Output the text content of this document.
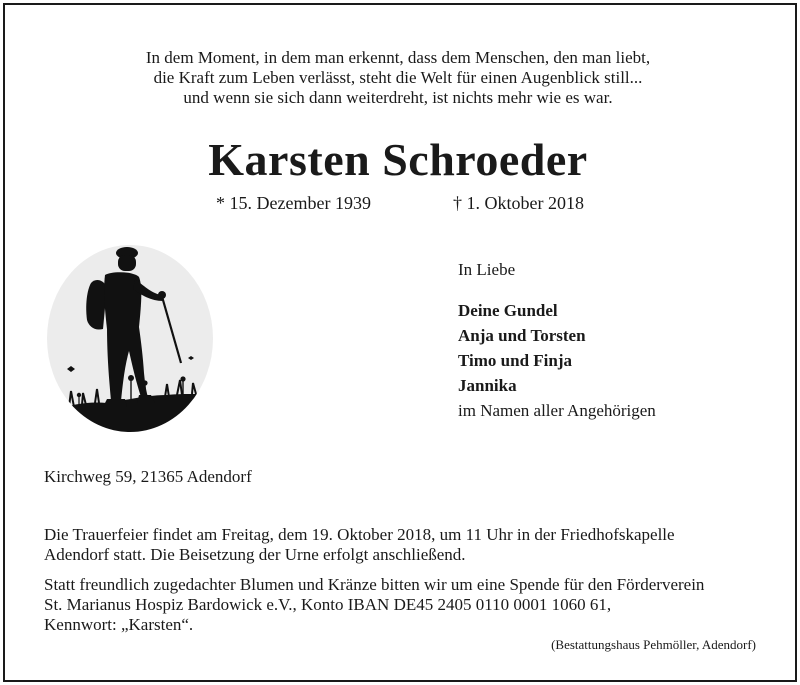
In dem Moment, in dem man erkennt, dass dem Menschen, den man liebt,
die Kraft zum Leben verlässt, steht die Welt für einen Augenblick still...
und wenn sie sich dann weiterdreht, ist nichts mehr wie es war.
Karsten Schroeder
* 15. Dezember 1939	† 1. Oktober 2018
In Liebe
Deine Gundel
Anja und Torsten
Timo und Finja
Jannika
im Namen aller Angehörigen
Kirchweg 59, 21365 Adendorf
Die Trauerfeier findet am Freitag, dem 19. Oktober 2018, um 11 Uhr in der Friedhofskapelle
Adendorf statt. Die Beisetzung der Urne erfolgt anschließend.
Statt freundlich zugedachter Blumen und Kränze bitten wir um eine Spende für den Förderverein
St. Marianus Hospiz Bardowick e.V., Konto IBAN DE45 2405 0110 0001 1060 61,
Kennwort: „Karsten“.
(Bestattungshaus Pehmöller, Adendorf)
